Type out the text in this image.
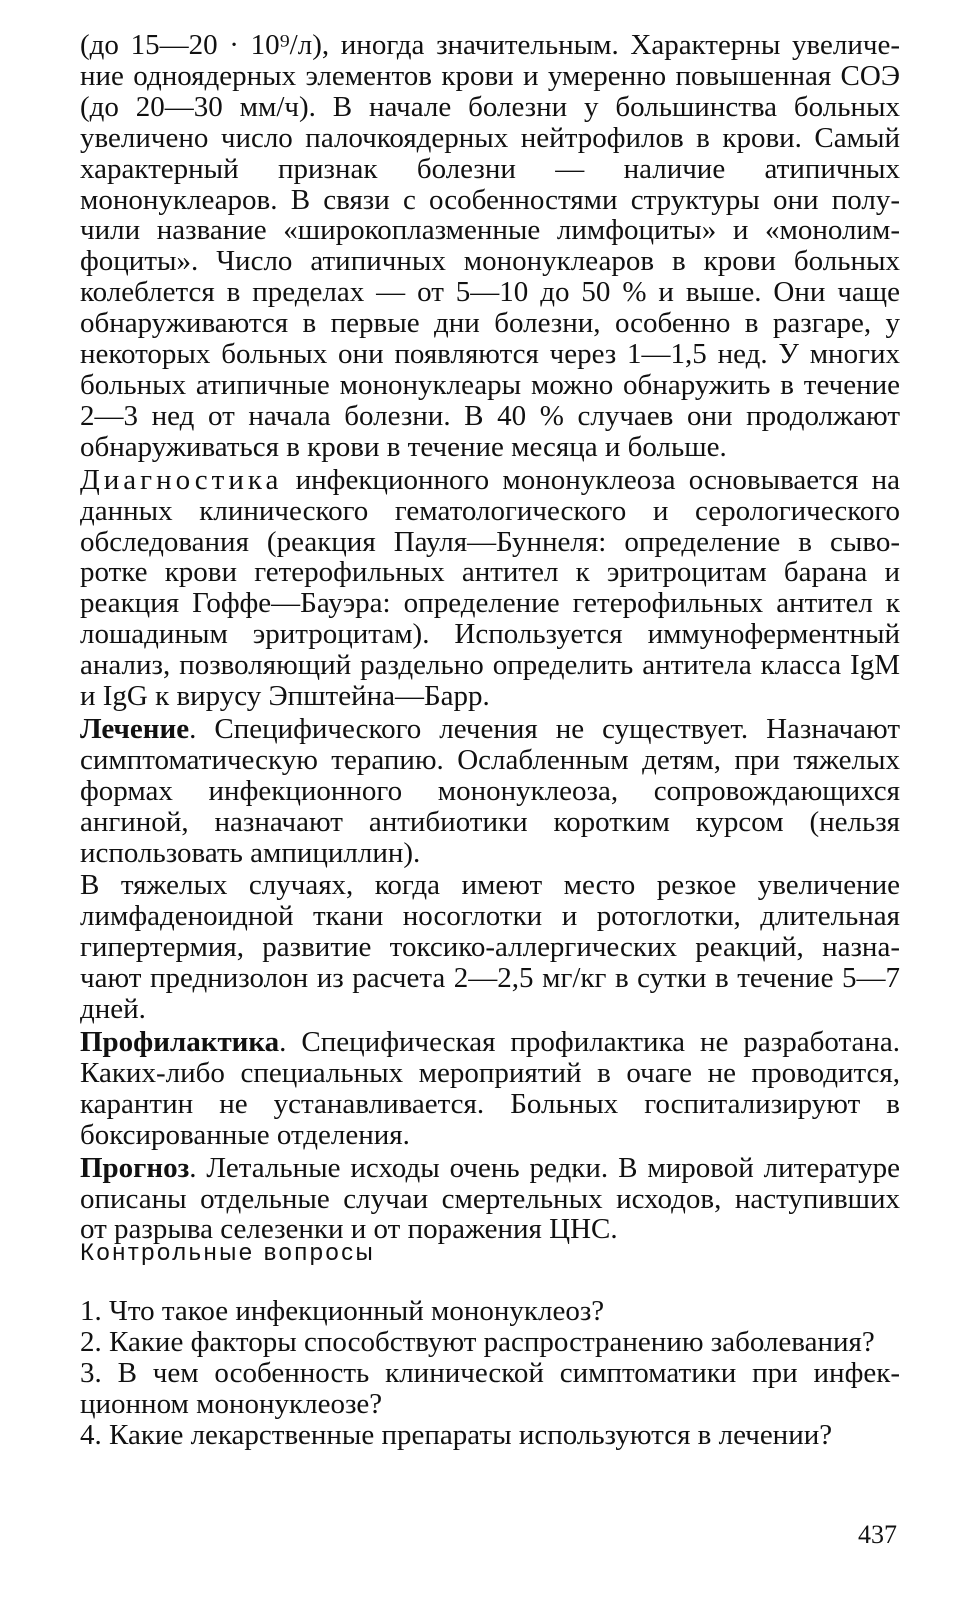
(до 15—20 · 10⁹/л), иногда значительным. Характерны увеличение одноядерных элементов крови и умеренно повышенная СОЭ (до 20—30 мм/ч). В начале болезни у большинства больных увеличено число палочкоядерных нейтрофилов в крови. Самый характерный признак болезни — наличие атипичных мононуклеаров. В связи с особенностями структуры они получили название «широкоплазменные лимфоциты» и «монолимфоциты». Число атипичных мононуклеаров в крови больных колеблется в пределах — от 5—10 до 50 % и выше. Они чаще обнаруживаются в первые дни болезни, особенно в разгаре, у некоторых больных они появляются через 1—1,5 нед. У многих больных атипичные мононуклеары можно обнаружить в течение 2—3 нед от начала болезни. В 40 % случаев они продолжают обнаруживаться в крови в течение месяца и больше.

Диагностика инфекционного мононуклеоза основывается на данных клинического гематологического и серологического обследования (реакция Пауля—Буннеля: определение в сыворотке крови гетерофильных антител к эритроцитам барана и реакция Гоффе—Бауэра: определение гетерофильных антител к лошадиным эритроцитам). Используется иммуноферментный анализ, позволяющий раздельно определить антитела класса IgM и IgG к вирусу Эпштейна—Барр.

Лечение. Специфического лечения не существует. Назначают симптоматическую терапию. Ослабленным детям, при тяжелых формах инфекционного мононуклеоза, сопровождающихся ангиной, назначают антибиотики коротким курсом (нельзя использовать ампициллин).

В тяжелых случаях, когда имеют место резкое увеличение лимфаденоидной ткани носоглотки и ротоглотки, длительная гипертермия, развитие токсико-аллергических реакций, назначают преднизолон из расчета 2—2,5 мг/кг в сутки в течение 5—7 дней.

Профилактика. Специфическая профилактика не разработана. Каких-либо специальных мероприятий в очаге не проводится, карантин не устанавливается. Больных госпитализируют в боксированные отделения.

Прогноз. Летальные исходы очень редки. В мировой литературе описаны отдельные случаи смертельных исходов, наступивших от разрыва селезенки и от поражения ЦНС.

Контрольные вопросы

1. Что такое инфекционный мононуклеоз?

2. Какие факторы способствуют распространению заболевания?

3. В чем особенность клинической симптоматики при инфекционном мононуклеозе?

4. Какие лекарственные препараты используются в лечении?

437
